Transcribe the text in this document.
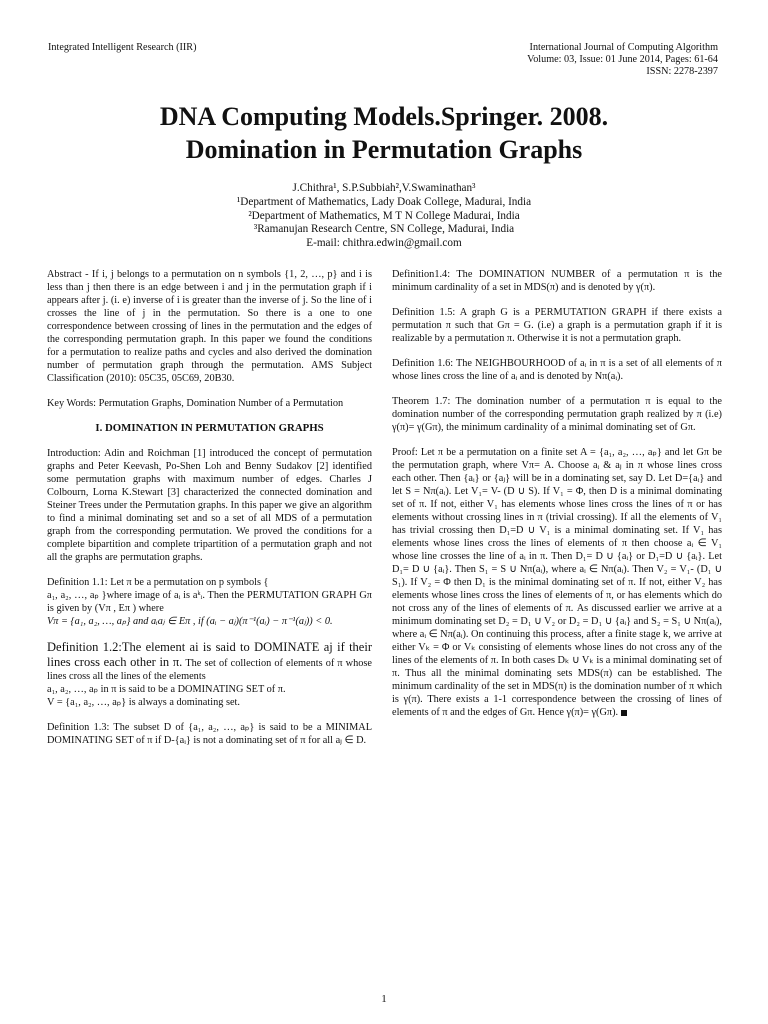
Integrated Intelligent Research (IIR)	International Journal of Computing Algorithm
Volume: 03, Issue: 01 June 2014, Pages: 61-64
ISSN: 2278-2397
DNA Computing Models.Springer. 2008.
Domination in Permutation Graphs
J.Chithra¹, S.P.Subbiah²,V.Swaminathan³
¹Department of Mathematics, Lady Doak College, Madurai, India
²Department of Mathematics, M T N College Madurai, India
³Ramanujan Research Centre, SN College, Madurai, India
E-mail: chithra.edwin@gmail.com

Abstract - If i, j belongs to a permutation on n symbols {1, 2, …, p} and i is less than j then there is an edge between i and j in the permutation graph if i appears after j. (i. e) inverse of i is greater than the inverse of j. So the line of i crosses the line of j in the permutation. So there is a one to one correspondence between crossing of lines in the permutation and the edges of the corresponding permutation graph. In this paper we found the conditions for a permutation to realize paths and cycles and also derived the domination number of permutation graph through the permutation. AMS Subject Classification (2010): 05C35, 05C69, 20B30.

Key Words: Permutation Graphs, Domination Number of a Permutation

I. DOMINATION IN PERMUTATION GRAPHS

Introduction: Adin and Roichman [1] introduced the concept of permutation graphs and Peter Keevash, Po-Shen Loh and Benny Sudakov [2] identified some permutation graphs with maximum number of edges. Charles J Colbourn, Lorna K.Stewart [3] characterized the connected domination and Steiner Trees under the Permutation graphs. In this paper we give an algorithm to find a minimal dominating set and so a set of all MDS of a permutation graph from the corresponding permutation. We proved the conditions for a complete bipartition and complete tripartition of a permutation graph and not all the graphs are permutation graphs.

Definition 1.1: Let π be a permutation on p symbols {
a₁, a₂, …, aₚ }where image of aᵢ is aᵏᵢ. Then the PERMUTATION GRAPH Gπ is given by (Vπ , Eπ ) where
Vπ = {a₁, a₂, …, aₚ} and aᵢaⱼ ∈ Eπ , if (aᵢ − aⱼ)(π⁻¹(aᵢ) − π⁻¹(aⱼ)) < 0.

Definition 1.2:The element ai is said to DOMINATE aj if their lines cross each other in π. The set of collection of elements of π whose lines cross all the lines of the elements
a₁, a₂, …, aₚ in π is said to be a DOMINATING SET of π.
V = {a₁, a₂, …, aₚ} is always a dominating set.

Definition 1.3: The subset D of {a₁, a₂, …, aₚ} is said to be a MINIMAL DOMINATING SET of π if D-{aᵢ} is not a dominating set of π for all aⱼ ∈ D.

Definition1.4: The DOMINATION NUMBER of a permutation π is the minimum cardinality of a set in MDS(π) and is denoted by γ(π).

Definition 1.5: A graph G is a PERMUTATION GRAPH if there exists a permutation π such that Gπ = G. (i.e) a graph is a permutation graph if it is realizable by a permutation π. Otherwise it is not a permutation graph.

Definition 1.6: The NEIGHBOURHOOD of aᵢ in π is a set of all elements of π whose lines cross the line of aᵢ and is denoted by Nπ(aᵢ).

Theorem 1.7: The domination number of a permutation π is equal to the domination number of the corresponding permutation graph realized by π (i.e) γ(π)= γ(Gπ), the minimum cardinality of a minimal dominating set of Gπ.

Proof: Let π be a permutation on a finite set A = {a₁, a₂, …, aₚ} and let Gπ be the permutation graph, where Vπ= A. Choose aᵢ & aⱼ in π whose lines cross each other. Then {aᵢ} or {aⱼ} will be in a dominating set, say D. Let D={aᵢ} and let S = Nπ(aᵢ). Let V₁= V- (D ∪ S). If V₁ = Φ, then D is a minimal dominating set of π. If not, either V₁ has elements whose lines cross the lines of π or has elements without crossing lines in π (trivial crossing). If all the elements of V₁ has trivial crossing then D₁=D ∪ V₁ is a minimal dominating set. If V₁ has elements whose lines cross the lines of elements of π then choose aᵢ ∈ V₁ whose line crosses the line of aᵢ in π. Then D₁= D ∪ {aᵢ} or D₁=D ∪ {aᵢ}. Let D₁= D ∪ {aᵢ}. Then S₁ = S ∪ Nπ(aᵢ), where aᵢ ∈ Nπ(aᵢ). Then V₂ = V₁- (D₁ ∪ S₁). If V₂ = Φ then D₁ is the minimal dominating set of π. If not, either V₂ has elements whose lines cross the lines of elements of π, or has elements which do not cross any of the lines of elements of π. As discussed earlier we arrive at a minimum dominating set D₂ = D₁ ∪ V₂ or D₂ = D₁ ∪ {aᵢ} and S₂ = S₁ ∪ Nπ(aᵢ), where aᵢ ∈ Nπ(aᵢ). On continuing this process, after a finite stage k, we arrive at either Vₖ = Φ or Vₖ consisting of elements whose lines do not cross any of the lines of the elements of π. In both cases Dₖ ∪ Vₖ is a minimal dominating set of π. Thus all the minimal dominating sets MDS(π) can be established. The minimum cardinality of the set in MDS(π) is the domination number of π which is γ(π). There exists a 1-1 correspondence between the crossing of lines of elements of π and the edges of Gπ. Hence γ(π)= γ(Gπ).

1
